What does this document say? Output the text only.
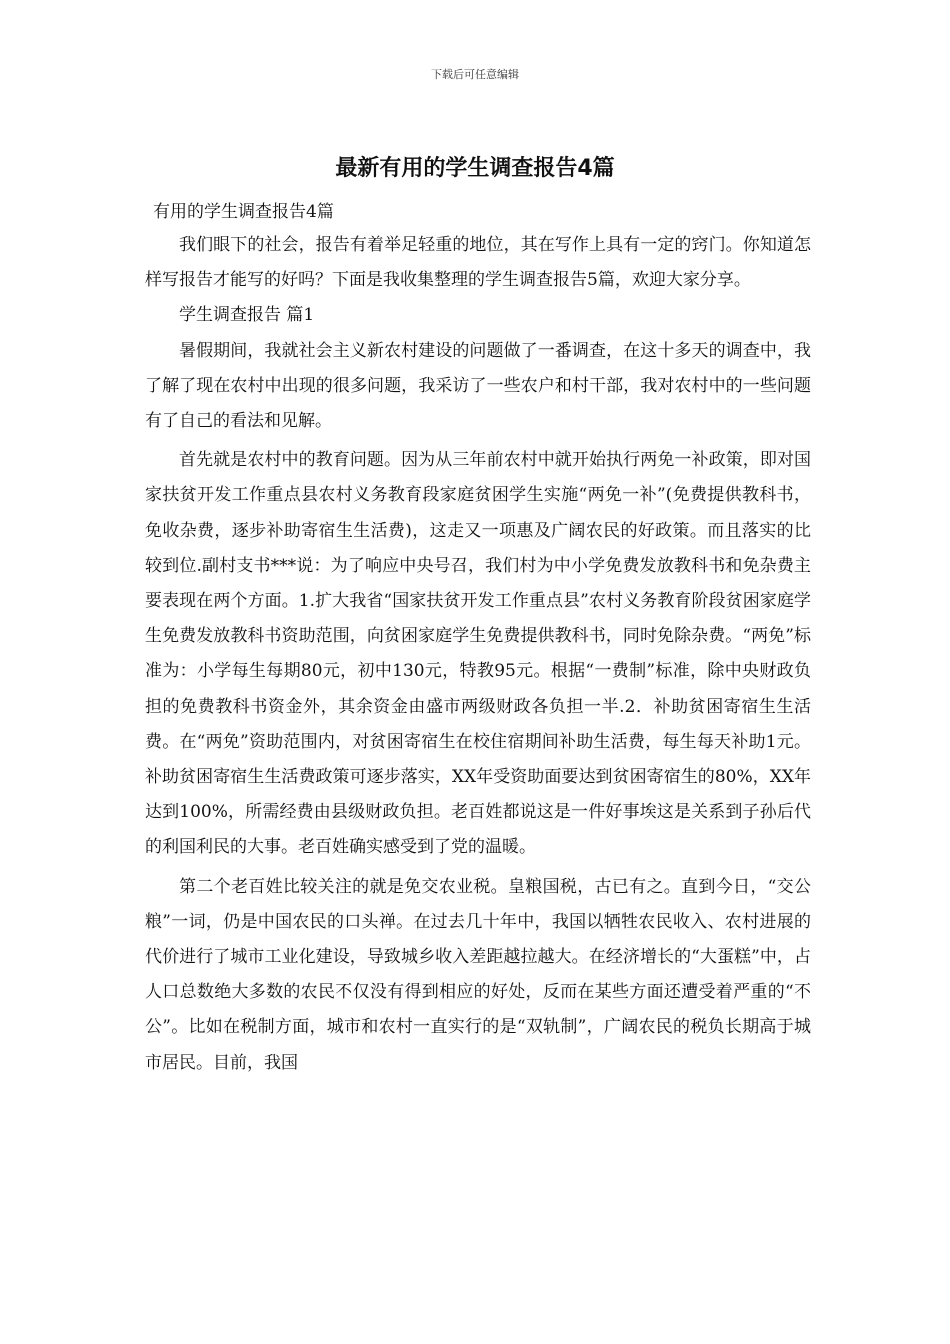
下载后可任意编辑
最新有用的学生调查报告4篇

有用的学生调查报告4篇

我们眼下的社会，报告有着举足轻重的地位，其在写作上具有一定的窍门。你知道怎样写报告才能写的好吗？下面是我收集整理的学生调查报告5篇，欢迎大家分享。

学生调查报告 篇1

暑假期间，我就社会主义新农村建设的问题做了一番调查，在这十多天的调查中，我了解了现在农村中出现的很多问题，我采访了一些农户和村干部，我对农村中的一些问题有了自己的看法和见解。

首先就是农村中的教育问题。因为从三年前农村中就开始执行两免一补政策，即对国家扶贫开发工作重点县农村义务教育段家庭贫困学生实施“两免一补”(免费提供教科书，免收杂费，逐步补助寄宿生生活费)，这走又一项惠及广阔农民的好政策。而且落实的比较到位.副村支书***说：为了响应中央号召，我们村为中小学免费发放教科书和免杂费主要表现在两个方面。1.扩大我省“国家扶贫开发工作重点县”农村义务教育阶段贫困家庭学生免费发放教科书资助范围，向贫困家庭学生免费提供教科书，同时免除杂费。“两免”标准为：小学每生每期80元，初中130元，特教95元。根据“一费制”标准，除中央财政负担的免费教科书资金外，其余资金由盛市两级财政各负担一半.2．补助贫困寄宿生生活费。在“两免”资助范围内，对贫困寄宿生在校住宿期间补助生活费，每生每天补助1元。补助贫困寄宿生生活费政策可逐步落实，XX年受资助面要达到贫困寄宿生的80%，XX年达到100%，所需经费由县级财政负担。老百姓都说这是一件好事埃这是关系到子孙后代的利国利民的大事。老百姓确实感受到了党的温暖。

第二个老百姓比较关注的就是免交农业税。皇粮国税，古已有之。直到今日，“交公粮”一词，仍是中国农民的口头禅。在过去几十年中，我国以牺牲农民收入、农村进展的代价进行了城市工业化建设，导致城乡收入差距越拉越大。在经济增长的“大蛋糕”中，占人口总数绝大多数的农民不仅没有得到相应的好处，反而在某些方面还遭受着严重的“不公”。比如在税制方面，城市和农村一直实行的是“双轨制”，广阔农民的税负长期高于城市居民。目前，我国
